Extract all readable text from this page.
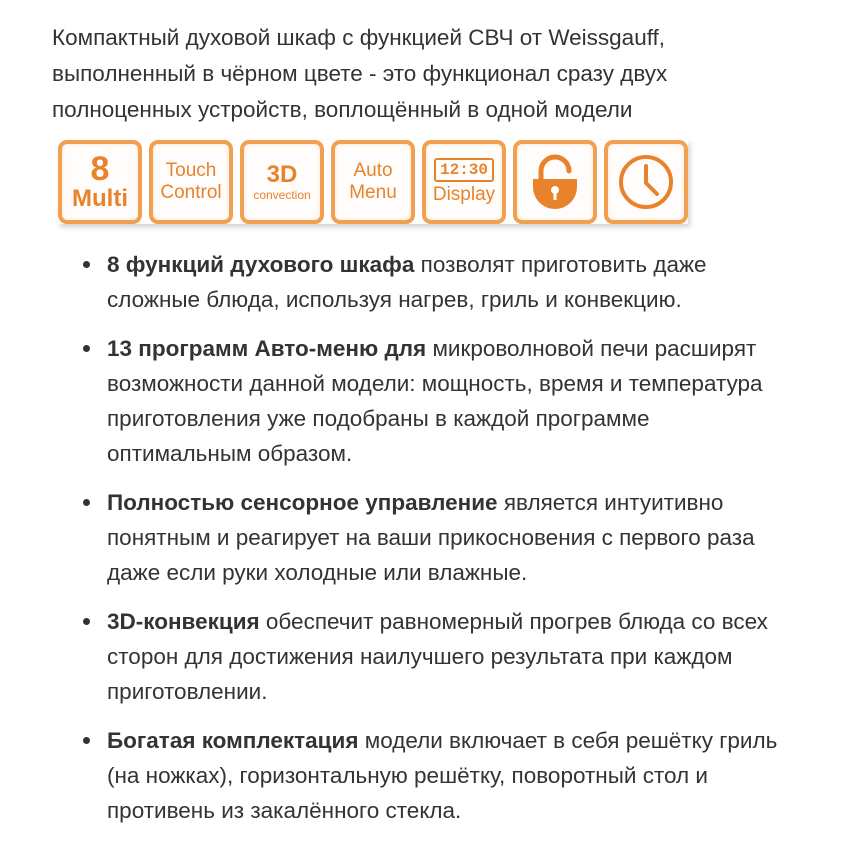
Компактный духовой шкаф с функцией СВЧ от Weissgauff, выполненный в чёрном цвете - это функционал сразу двух полноценных устройств, воплощённый в одной модели

8
Multi
Touch
Control
3D
convection
Auto
Menu
12:30
Display
8 функций духового шкафа позволят приготовить даже сложные блюда, используя нагрев, гриль и конвекцию.
13 программ Авто-меню для микроволновой печи расширят возможности данной модели: мощность, время и температура приготовления уже подобраны в каждой программе оптимальным образом.
Полностью сенсорное управление является интуитивно понятным и реагирует на ваши прикосновения с первого раза даже если руки холодные или влажные.
3D-конвекция обеспечит равномерный прогрев блюда со всех сторон для достижения наилучшего результата при каждом приготовлении.
Богатая комплектация модели включает в себя решётку гриль (на ножках), горизонтальную решётку, поворотный стол и противень из закалённого стекла.
